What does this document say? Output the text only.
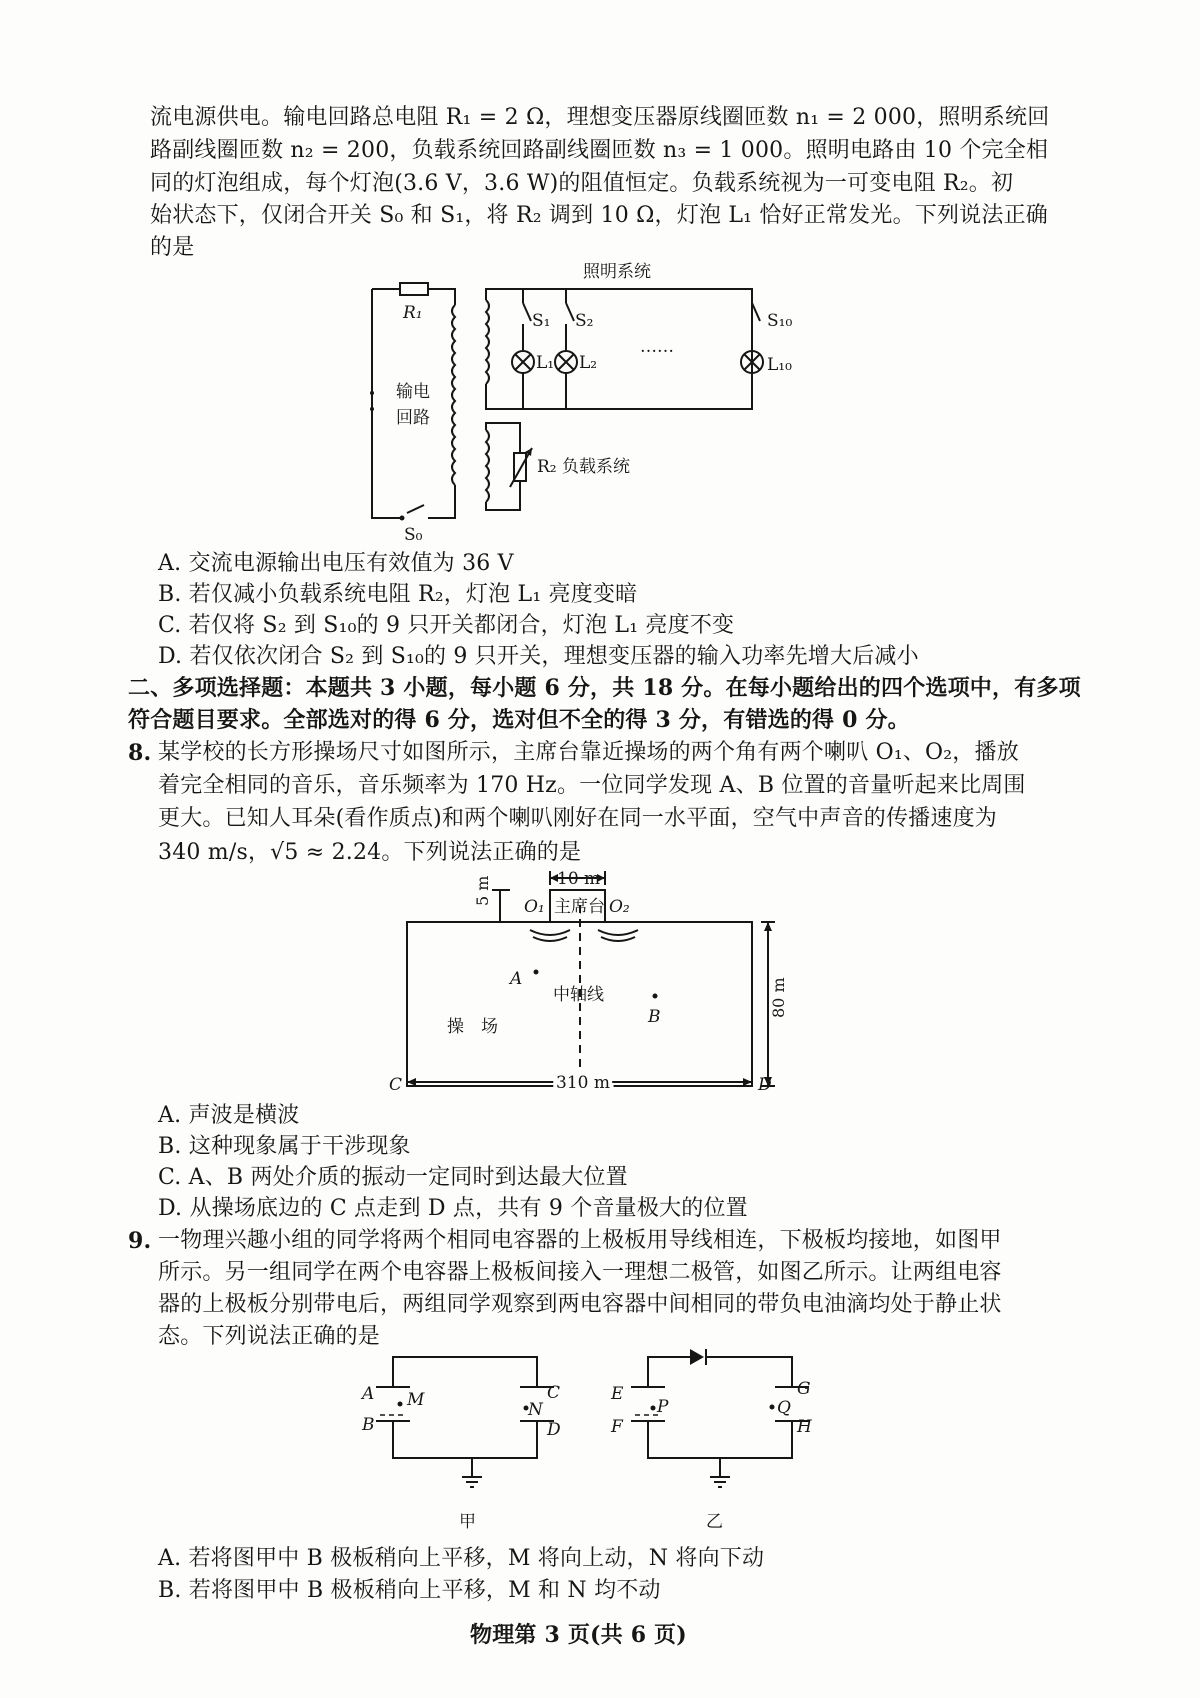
流电源供电。输电回路总电阻 R₁ = 2 Ω，理想变压器原线圈匝数 n₁ = 2 000，照明系统回
路副线圈匝数 n₂ = 200，负载系统回路副线圈匝数 n₃ = 1 000。照明电路由 10 个完全相
同的灯泡组成，每个灯泡(3.6 V，3.6 W)的阻值恒定。负载系统视为一可变电阻 R₂。初
始状态下，仅闭合开关 S₀ 和 S₁，将 R₂ 调到 10 Ω，灯泡 L₁ 恰好正常发光。下列说法正确
的是
照明系统
R₁
输电
回路
S₀
S₁ S₂	S₁₀
L₁ L₂	L₁₀
……
R₂ 负载系统
A. 交流电源输出电压有效值为 36 V
B. 若仅减小负载系统电阻 R₂，灯泡 L₁ 亮度变暗
C. 若仅将 S₂ 到 S₁₀的 9 只开关都闭合，灯泡 L₁ 亮度不变
D. 若仅依次闭合 S₂ 到 S₁₀的 9 只开关，理想变压器的输入功率先增大后减小
二、多项选择题：本题共 3 小题，每小题 6 分，共 18 分。在每小题给出的四个选项中，有多项
符合题目要求。全部选对的得 6 分，选对但不全的得 3 分，有错选的得 0 分。
8. 某学校的长方形操场尺寸如图所示，主席台靠近操场的两个角有两个喇叭 O₁、O₂，播放
着完全相同的音乐，音乐频率为 170 Hz。一位同学发现 A、B 位置的音量听起来比周围
更大。已知人耳朵(看作质点)和两个喇叭刚好在同一水平面，空气中声音的传播速度为
340 m/s，√5 ≈ 2.24。下列说法正确的是
10 m
5 m
O₁ 主席台 O₂
A
B
中轴线
操　场
80 m
310 m
C	D
A. 声波是横波
B. 这种现象属于干涉现象
C. A、B 两处介质的振动一定同时到达最大位置
D. 从操场底边的 C 点走到 D 点，共有 9 个音量极大的位置
9. 一物理兴趣小组的同学将两个相同电容器的上极板用导线相连，下极板均接地，如图甲
所示。另一组同学在两个电容器上极板间接入一理想二极管，如图乙所示。让两组电容
器的上极板分别带电后，两组同学观察到两电容器中间相同的带负电油滴均处于静止状
态。下列说法正确的是
A
B
M	C
N
D
甲
E
F
P
G
Q
H
乙
A. 若将图甲中 B 极板稍向上平移，M 将向上动，N 将向下动
B. 若将图甲中 B 极板稍向上平移，M 和 N 均不动
物理第 3 页(共 6 页)
